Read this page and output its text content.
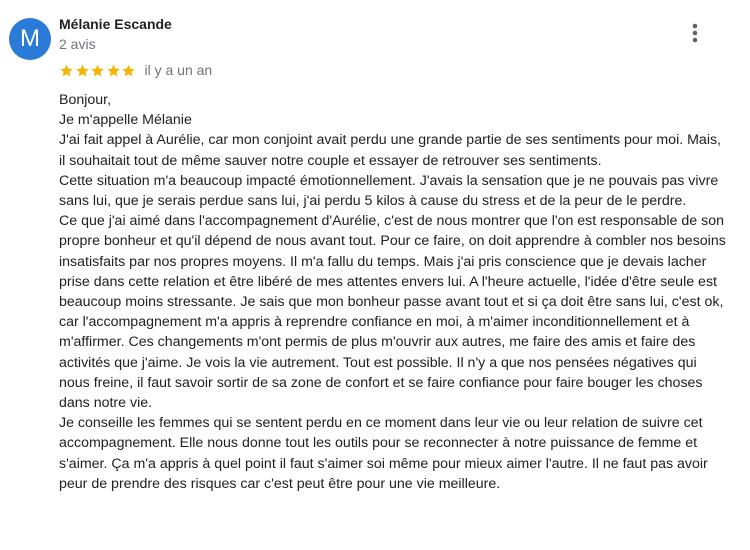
M
Mélanie Escande
2 avis
il y a un an
Bonjour,
Je m'appelle Mélanie
J'ai fait appel à Aurélie, car mon conjoint avait perdu une grande partie de ses sentiments pour moi. Mais, il souhaitait tout de même sauver notre couple et essayer de retrouver ses sentiments.
Cette situation m'a beaucoup impacté émotionnellement. J'avais la sensation que je ne pouvais pas vivre sans lui, que je serais perdue sans lui, j'ai perdu 5 kilos à cause du stress et de la peur de le perdre.
Ce que j'ai aimé dans l'accompagnement d'Aurélie, c'est de nous montrer que l'on est responsable de son propre bonheur et qu'il dépend de nous avant tout. Pour ce faire, on doit apprendre à combler nos besoins insatisfaits par nos propres moyens. Il m'a fallu du temps. Mais j'ai pris conscience que je devais lacher prise dans cette relation et être libéré de mes attentes envers lui. A l'heure actuelle, l'idée d'être seule est beaucoup moins stressante. Je sais que mon bonheur passe avant tout et si ça doit être sans lui, c'est ok, car l'accompagnement m'a appris à reprendre confiance en moi, à m'aimer inconditionnellement et à m'affirmer. Ces changements m'ont permis de plus m'ouvrir aux autres, me faire des amis et faire des activités que j'aime. Je vois la vie autrement. Tout est possible. Il n'y a que nos pensées négatives qui nous freine, il faut savoir sortir de sa zone de confort et se faire confiance pour faire bouger les choses dans notre vie.
Je conseille les femmes qui se sentent perdu en ce moment dans leur vie ou leur relation de suivre cet accompagnement. Elle nous donne tout les outils pour se reconnecter à notre puissance de femme et s'aimer. Ça m'a appris à quel point il faut s'aimer soi même pour mieux aimer l'autre. Il ne faut pas avoir peur de prendre des risques car c'est peut être pour une vie meilleure.
